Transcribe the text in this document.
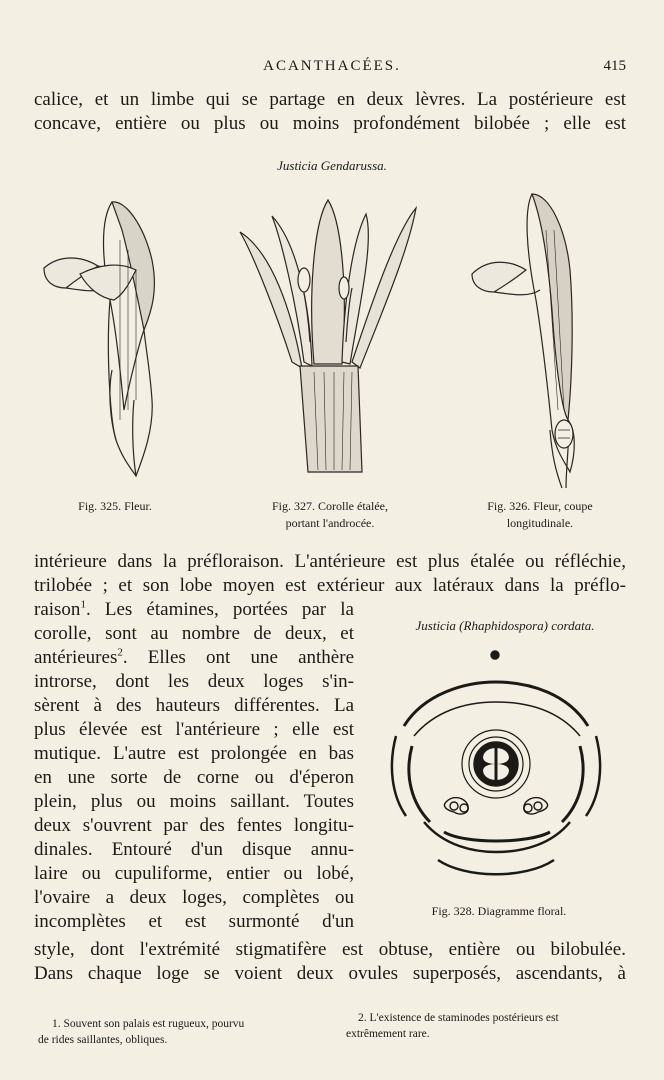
ACANTHACÉES.	415
calice, et un limbe qui se partage en deux lèvres. La postérieure est
concave, entière ou plus ou moins profondément bilobée ; elle est
Justicia Gendarussa.
Fig. 325. Fleur.	Fig. 327. Corolle étalée,
portant l'androcée.
Fig. 326. Fleur, coupe
longitudinale.
intérieure dans la préfloraison. L'antérieure est plus étalée ou réfléchie,
trilobée ; et son lobe moyen est extérieur aux latéraux dans la préflo-
raison$^1$. Les étamines, portées par la
corolle, sont au nombre de deux, et
antérieures$^2$. Elles ont une anthère
introrse, dont les deux loges s'in-
sèrent à des hauteurs différentes. La
plus élevée est l'antérieure ; elle est
mutique. L'autre est prolongée en bas
en une sorte de corne ou d'éperon
plein, plus ou moins saillant. Toutes
deux s'ouvrent par des fentes longitu-
dinales. Entouré d'un disque annu-
laire ou cupuliforme, entier ou lobé,
l'ovaire a deux loges, complètes ou
incomplètes et est surmonté d'un
Justicia (Rhaphidospora) cordata.
Fig. 328. Diagramme floral.
style, dont l'extrémité stigmatifère est obtuse, entière ou bilobulée.
Dans chaque loge se voient deux ovules superposés, ascendants, à
1. Souvent son palais est rugueux, pourvu
de rides saillantes, obliques.
2. L'existence de staminodes postérieurs est
extrêmement rare.
